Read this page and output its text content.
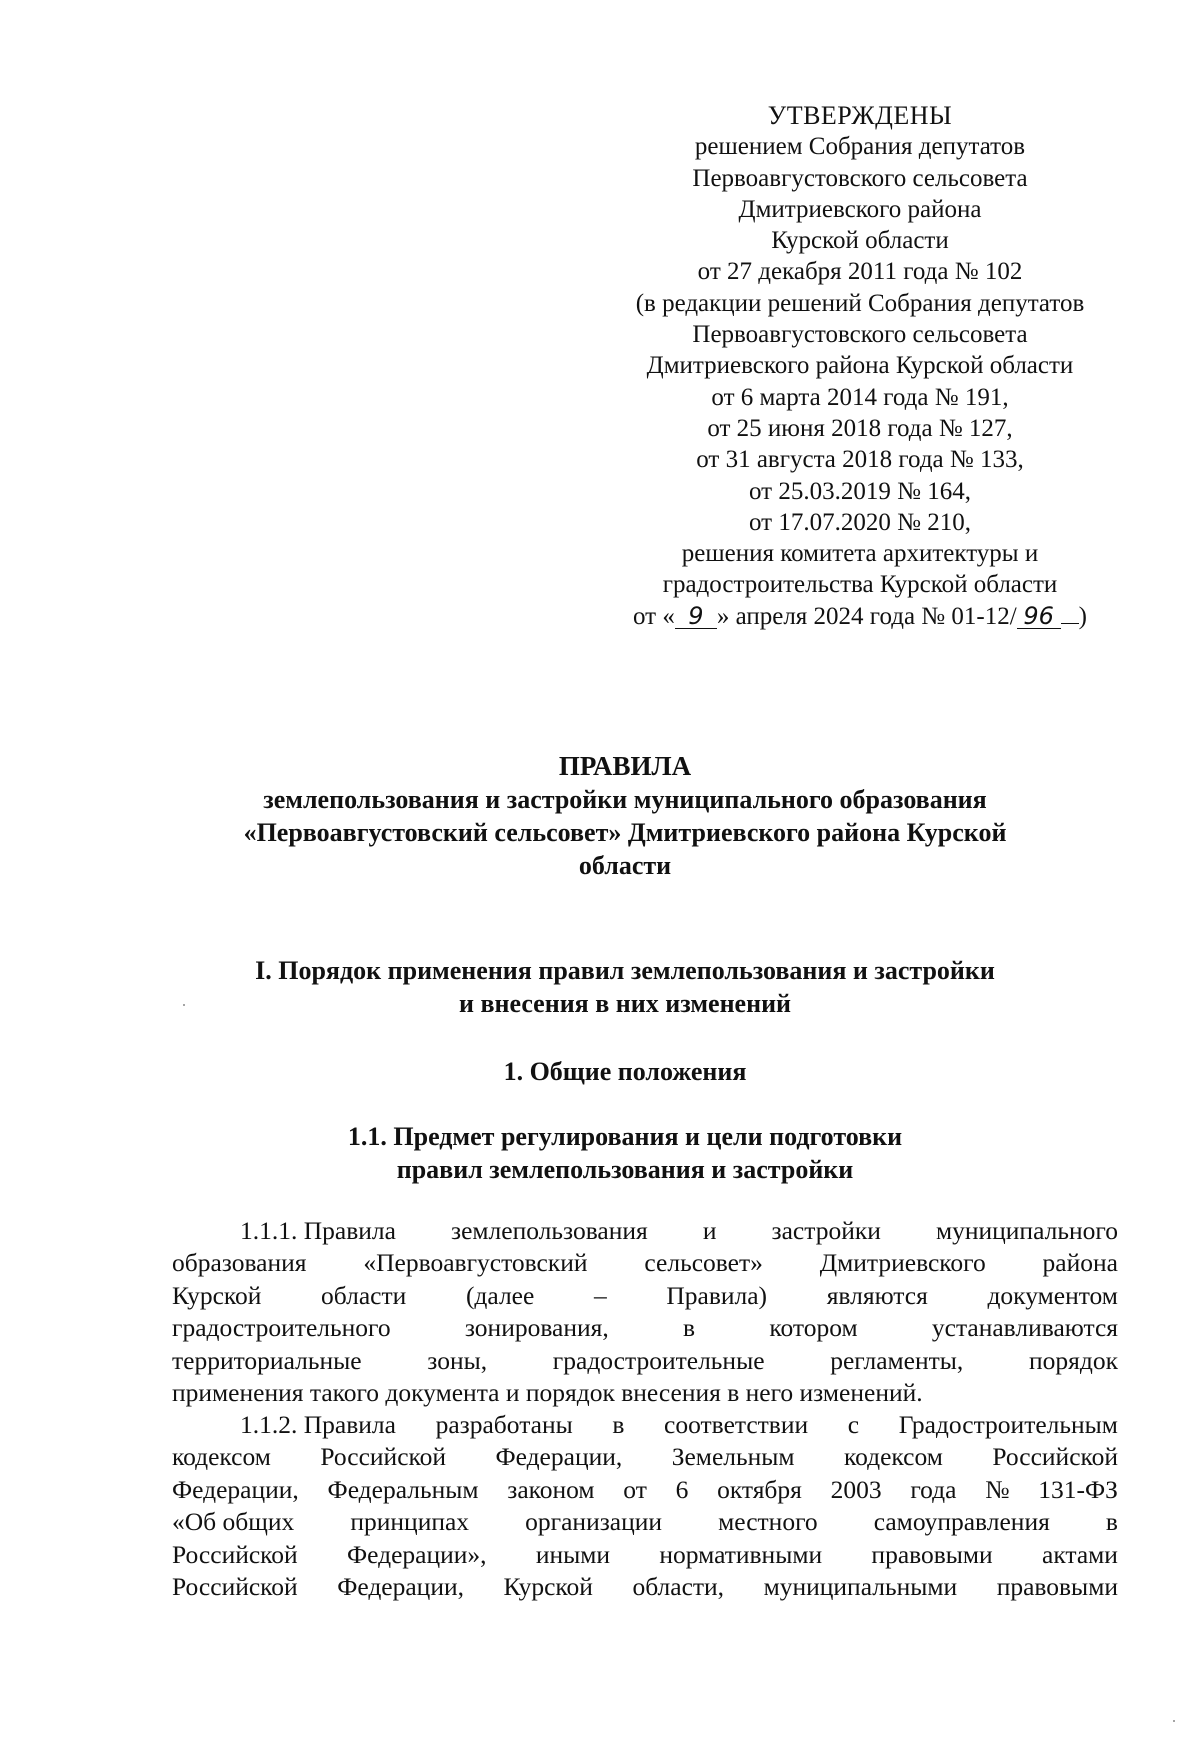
УТВЕРЖДЕНЫ
решением Собрания депутатов
Первоавгустовского сельсовета
Дмитриевского района
Курской области
от 27 декабря 2011 года № 102
(в редакции решений Собрания депутатов
Первоавгустовского сельсовета
Дмитриевского района Курской области
от 6 марта 2014 года № 191,
от 25 июня 2018 года № 127,
от 31 августа 2018 года № 133,
от 25.03.2019 № 164,
от 17.07.2020 № 210,
решения комитета архитектуры и
градостроительства Курской области
от « 9 » апреля 2024 года № 01-12/ 96 )
ПРАВИЛА
землепользования и застройки муниципального образования
«Первоавгустовский сельсовет» Дмитриевского района Курской
области
I. Порядок применения правил землепользования и застройки
и внесения в них изменений
1. Общие положения
1.1. Предмет регулирования и цели подготовки
правил землепользования и застройки
1.1.1. Правила землепользования и застройки муниципального
образования «Первоавгустовский сельсовет» Дмитриевского района
Курской области (далее – Правила) являются документом
градостроительного	зонирования,	в	котором	устанавливаются
территориальные	зоны,	градостроительные	регламенты,	порядок
применения такого документа и порядок внесения в него изменений.
1.1.2. Правила разработаны в соответствии с Градостроительным
кодексом Российской Федерации, Земельным кодексом Российской
Федерации, Федеральным законом от 6 октября 2003 года № 131-ФЗ
«Об общих принципах организации местного самоуправления в
Российской Федерации», иными нормативными правовыми актами
Российской Федерации, Курской области, муниципальными правовыми
